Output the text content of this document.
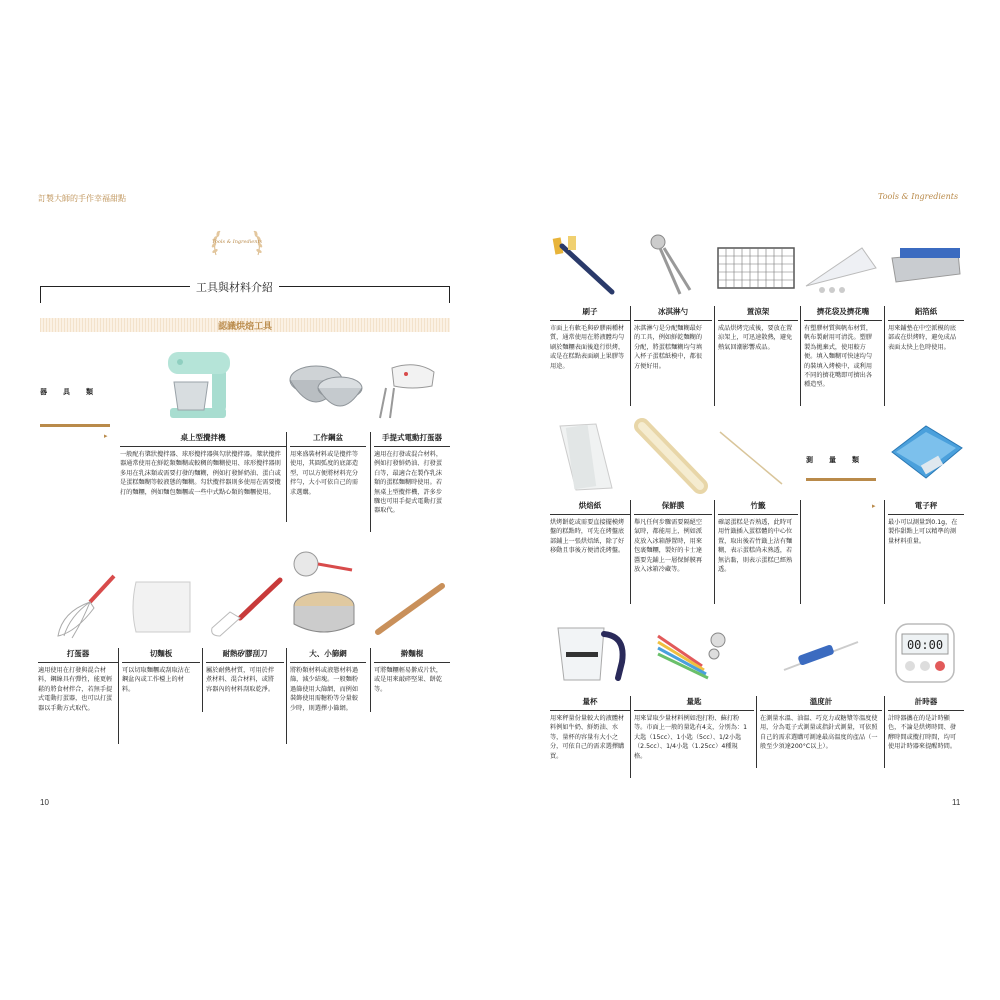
訂製大師的手作幸福甜點	Tools & Ingredients
10	11
Tools & Ingredients
工具與材料介紹
認識烘焙工具
器具類
▸
測量類
▸
桌上型攪拌機
一般配有槳狀攪拌器、球形攪拌器與勾狀攪拌器。槳狀攪拌器通常使用在鮮乾類麵糊或較稠的麵糊使用、球形攪拌器則多用在乳沫類或需要打發的麵糊，例如打發鮮奶油、蛋白或是蛋糕麵糊等較液態的麵糊。勾狀攪拌器則多使用在需要攪打的麵糰，例如麵包麵糰或一些中式點心類的麵糰使用。
工作鋼盆
用來盛裝材料或是攪拌等使用，其圓弧度的底部造型，可以方便將材料充分拌勻，大小可依自己的需求選購。
手提式電動打蛋器
適用在打發或混合材料，例如打發鮮奶油、打發蛋白等，最適合在製作乳沫類的蛋糕麵糊時使用。若無桌上型攪拌機，許多步驟也可用手提式電動打蛋器取代。
打蛋器
適用使用在打發與混合材料，鋼線具有彈性，能更輕鬆的將食材拌合，若無手提式電動打蛋器，也可以打蛋器以手動方式取代。
切麵板
可以切取麵糰或刮取沾在鋼盆內或工作檯上的材料。
耐熱矽膠刮刀
屬於耐熱材質，可用於拌煮材料、混合材料，或將容器內的材料刮取乾淨。
大、小篩網
將粉類材料或液態材料過篩，減少結塊。一般麵粉過篩使用大篩網，而例如裝飾使用需糖粉等分量較少時，則選擇小篩網。
擀麵棍
可將麵糰輕易擀成片狀，或是用來敲碎堅果、餅乾等。
刷子
市面上有軟毛與矽膠兩種材質，通常使用在將液體均勻刷於麵糰表面後進行烘烤，或是在糕點表面刷上果膠等用途。
冰淇淋勺
冰淇淋勺是分配麵糊最好的工具，例如鮮乾麵糊的分配，將蛋糕麵糊均勻填入杯子蛋糕紙模中，都很方便好用。
置涼架
成品烘烤完成後，要放在置涼架上，可迅速散熱，避免熱氣回潮影響成品。
擠花袋及擠花嘴
有塑膠材質與帆布材質，帆布製耐用可清洗。塑膠製為拋棄式，使用較方便。填入麵糊可快速均勻的裝填入烤模中，或利用不同的擠花嘴即可擠出各種造型。
鋁箔紙
用來鋪墊在中空派模的底部或在烘烤時，避免成品表面太快上色時使用。
烘焙紙
烘烤餅乾或需要直接擺模烤盤的糕點時，可先在烤盤底部鋪上一張烘焙紙，除了好移動且事後方便清洗烤盤。
保鮮膜
舉凡任何步驟需要隔絕空氣時，都能用上，例如派皮放入冰箱靜置時，用來包裹麵糰，製好的卡士達醬要先鋪上一層保鮮膜再放入冰箱冷藏等。
竹籤
確認蛋糕是否熟透，此時可用竹籤插入蛋糕體的中心位置，取出後若竹籤上沾有麵糊，表示蛋糕尚未熟透，若無沾黏，則表示蛋糕已經熟透。
電子秤
最小可以測量到0.1g，在製作甜點上可以精準的測量材料重量。
00:00
量杯
用來秤量份量較大的液體材料例如牛奶、鮮奶油、水等，量杯的容量有大小之分，可依自己的需求選擇購買。
量匙
用來冒取少量材料例如泡打粉、蘇打粉等。市面上一般的量匙有4支，分別為：1大匙（15cc）、1小匙（5cc）、1/2小匙（2.5cc）、1/4小匙（1.25cc）4種規格。
溫度計
在測量水溫、油溫、巧克力或糖漿等溫度使用，分為電子式測量或指針式測量，可依照自己的需求選購可測達最高溫度的產品（一般至少須達200°C以上）。
計時器
計時器攜在的是計時顯色，不論是烘烤時間、發酵時間或攪打時間，均可使用計時器來提醒時間。
